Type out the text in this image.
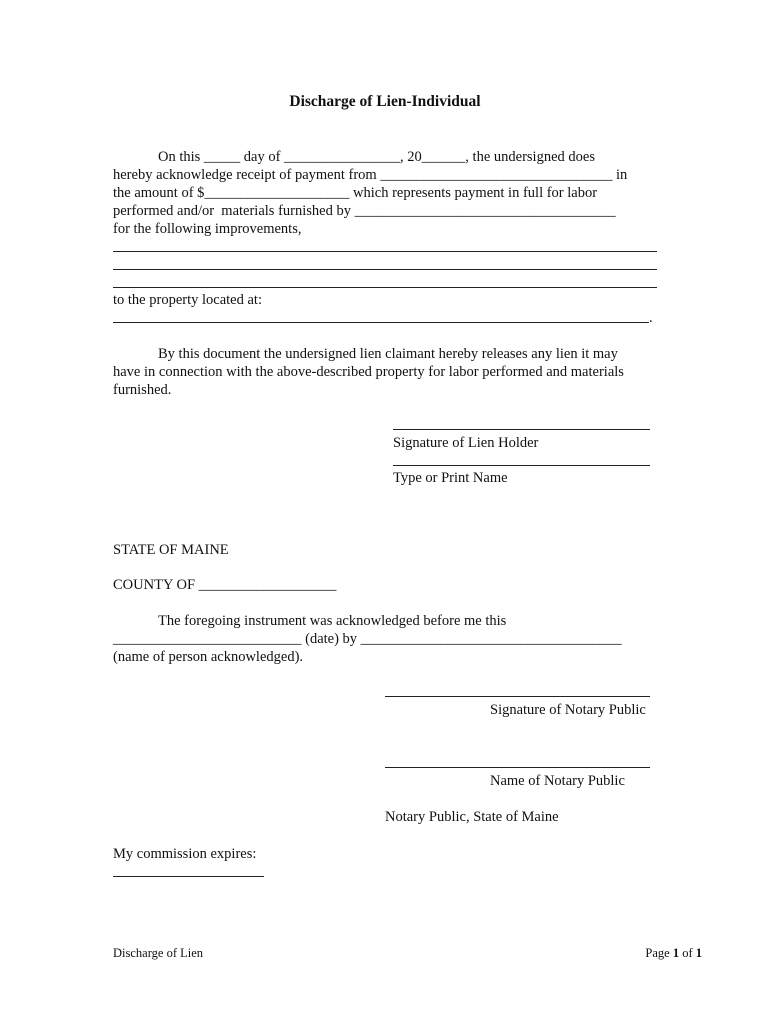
Discharge of Lien-Individual
On this _____ day of ________________, 20______, the undersigned does
hereby acknowledge receipt of payment from ________________________________ in
the amount of $____________________ which represents payment in full for labor
performed and/or  materials furnished by ____________________________________
for the following improvements,
to the property located at:
.
By this document the undersigned lien claimant hereby releases any lien it may
have in connection with the above-described property for labor performed and materials
furnished.
Signature of Lien Holder
Type or Print Name
STATE OF MAINE
COUNTY OF ___________________
The foregoing instrument was acknowledged before me this
__________________________ (date) by ____________________________________
(name of person acknowledged).
Signature of Notary Public
Name of Notary Public
Notary Public, State of Maine
My commission expires:
Discharge of Lien	Page 1 of 1
